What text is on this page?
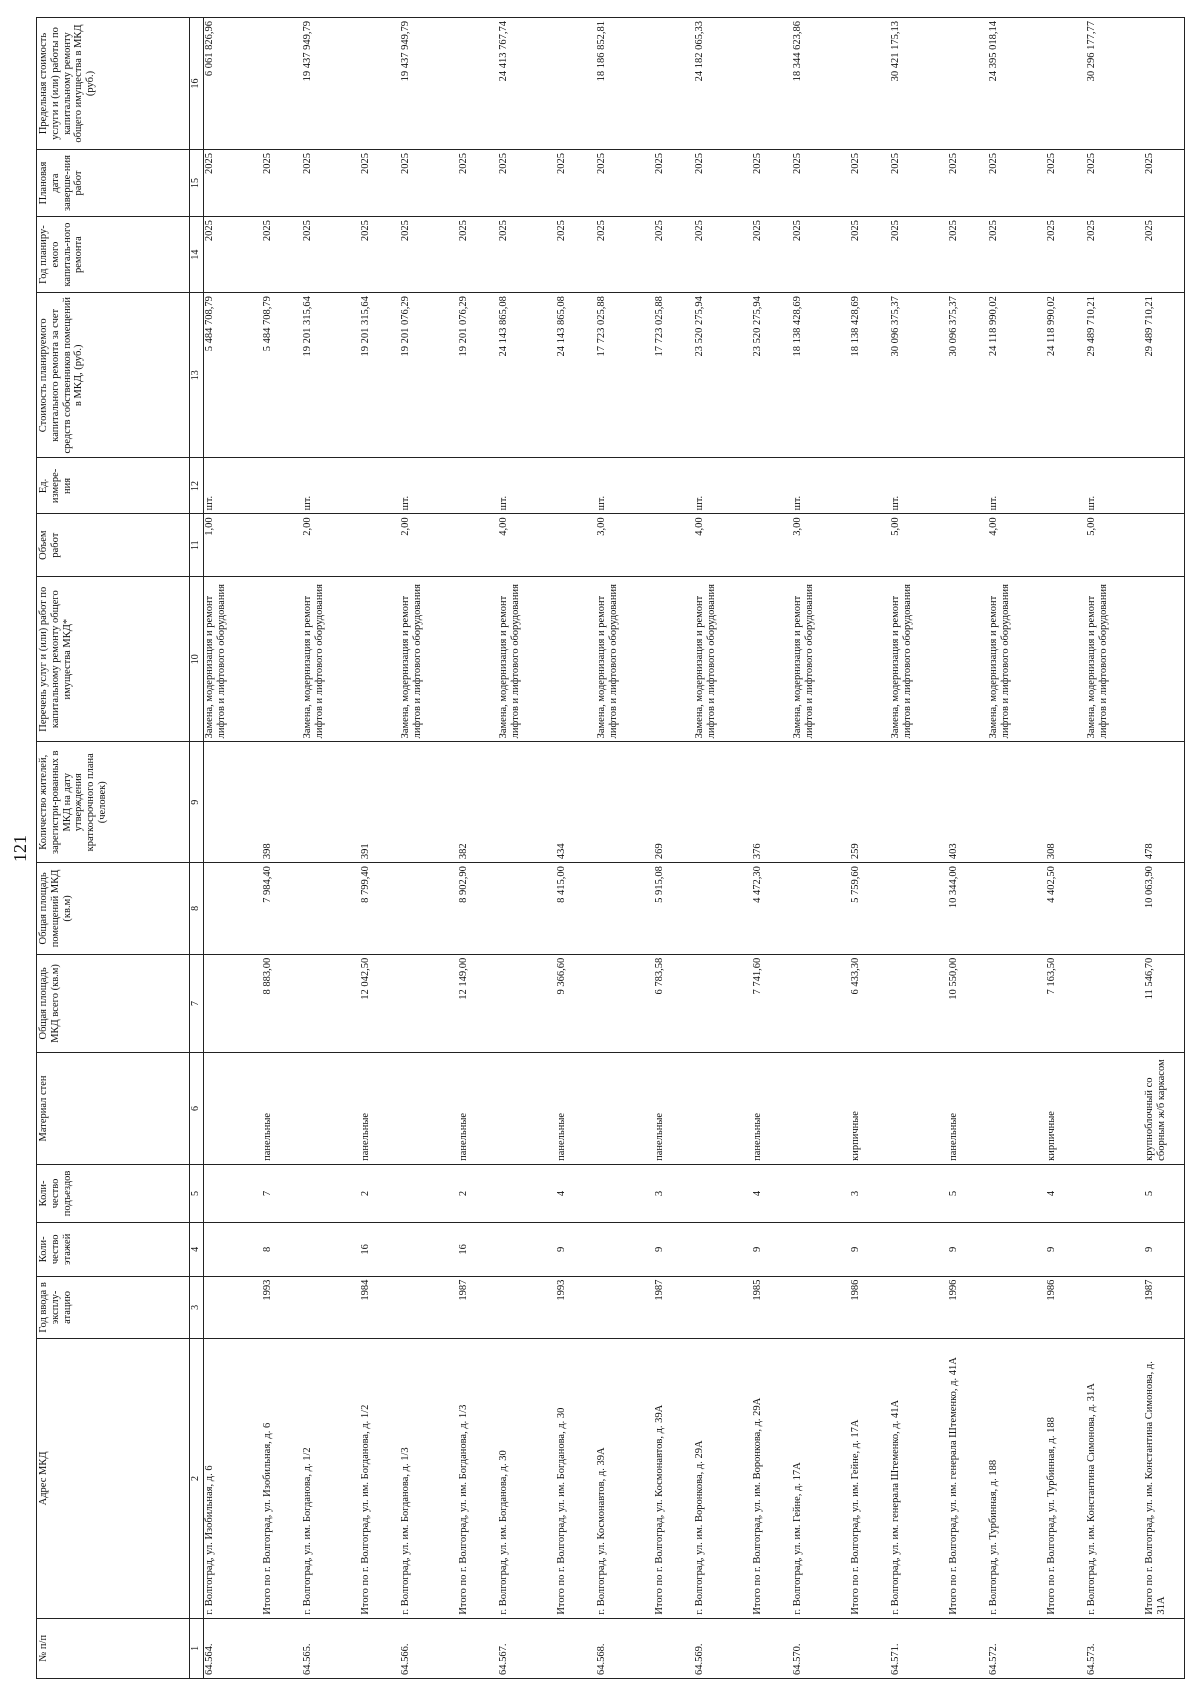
121
№ п/п	Адрес МКД	Год ввода в эксплу-атацию	Коли-чество этажей	Коли-чество подъездов	Материал стен	Общая площадь МКД всего (кв.м)	Общая площадь помещений МКД (кв.м)	Количество жителей, зарегистри-рованных в МКД на дату утверждения краткосрочного плана (человек)	Перечень услуг и (или) работ по капитальному ремонту общего имущества МКД*	Объем работ	Ед. измере-ния	Стоимость планируемого капитального ремонта за счет средств собственников помещений в МКД, (руб.)	Год планиру-емого капиталь-ного ремонта	Плановая дата заверше-ния работ	Предельная стоимость услуги и (или) работы по капитальному ремонту общего имущества в МКД (руб.)
1	2	3	4	5	6	7	8	9	10	11	12	13	14	15	16
64.564.	г. Волгоград, ул. Изобильная, д. 6								Замена, модернизация и ремонт лифтов и лифтового оборудования	1,00	шт.	5 484 708,79	2025	2025	6 061 826,96
	Итого по г. Волгоград, ул. Изобильная, д. 6	1993	8	7	панельные	8 883,00	7 984,40	398				5 484 708,79	2025	2025	
64.565.	г. Волгоград, ул. им. Богданова, д. 1/2								Замена, модернизация и ремонт лифтов и лифтового оборудования	2,00	шт.	19 201 315,64	2025	2025	19 437 949,79
	Итого по г. Волгоград, ул. им. Богданова, д. 1/2	1984	16	2	панельные	12 042,50	8 799,40	391				19 201 315,64	2025	2025	
64.566.	г. Волгоград, ул. им. Богданова, д. 1/3								Замена, модернизация и ремонт лифтов и лифтового оборудования	2,00	шт.	19 201 076,29	2025	2025	19 437 949,79
	Итого по г. Волгоград, ул. им. Богданова, д. 1/3	1987	16	2	панельные	12 149,00	8 902,90	382				19 201 076,29	2025	2025	
64.567.	г. Волгоград, ул. им. Богданова, д. 30								Замена, модернизация и ремонт лифтов и лифтового оборудования	4,00	шт.	24 143 865,08	2025	2025	24 413 767,74
	Итого по г. Волгоград, ул. им. Богданова, д. 30	1993	9	4	панельные	9 366,60	8 415,00	434				24 143 865,08	2025	2025	
64.568.	г. Волгоград, ул. Космонавтов, д. 39А								Замена, модернизация и ремонт лифтов и лифтового оборудования	3,00	шт.	17 723 025,88	2025	2025	18 186 852,81
	Итого по г. Волгоград, ул. Космонавтов, д. 39А	1987	9	3	панельные	6 783,58	5 915,08	269				17 723 025,88	2025	2025	
64.569.	г. Волгоград, ул. им. Воронкова, д. 29А								Замена, модернизация и ремонт лифтов и лифтового оборудования	4,00	шт.	23 520 275,94	2025	2025	24 182 065,33
	Итого по г. Волгоград, ул. им. Воронкова, д. 29А	1985	9	4	панельные	7 741,60	4 472,30	376				23 520 275,94	2025	2025	
64.570.	г. Волгоград, ул. им. Гейне, д. 17А								Замена, модернизация и ремонт лифтов и лифтового оборудования	3,00	шт.	18 138 428,69	2025	2025	18 344 623,86
	Итого по г. Волгоград, ул. им. Гейне, д. 17А	1986	9	3	кирпичные	6 433,30	5 759,60	259				18 138 428,69	2025	2025	
64.571.	г. Волгоград, ул. им. генерала Штеменко, д. 41А								Замена, модернизация и ремонт лифтов и лифтового оборудования	5,00	шт.	30 096 375,37	2025	2025	30 421 175,13
	Итого по г. Волгоград, ул. им. генерала Штеменко, д. 41А	1996	9	5	панельные	10 550,00	10 344,00	403				30 096 375,37	2025	2025	
64.572.	г. Волгоград, ул. Турбинная, д. 188								Замена, модернизация и ремонт лифтов и лифтового оборудования	4,00	шт.	24 118 990,02	2025	2025	24 395 018,14
	Итого по г. Волгоград, ул. Турбинная, д. 188	1986	9	4	кирпичные	7 163,50	4 402,50	308				24 118 990,02	2025	2025	
64.573.	г. Волгоград, ул. им. Константина Симонова, д. 31А								Замена, модернизация и ремонт лифтов и лифтового оборудования	5,00	шт.	29 489 710,21	2025	2025	30 296 177,77
	Итого по г. Волгоград, ул. им. Константина Симонова, д. 31А	1987	9	5	крупноблочный со сборным ж/б каркасом	11 546,70	10 063,90	478				29 489 710,21	2025	2025	
